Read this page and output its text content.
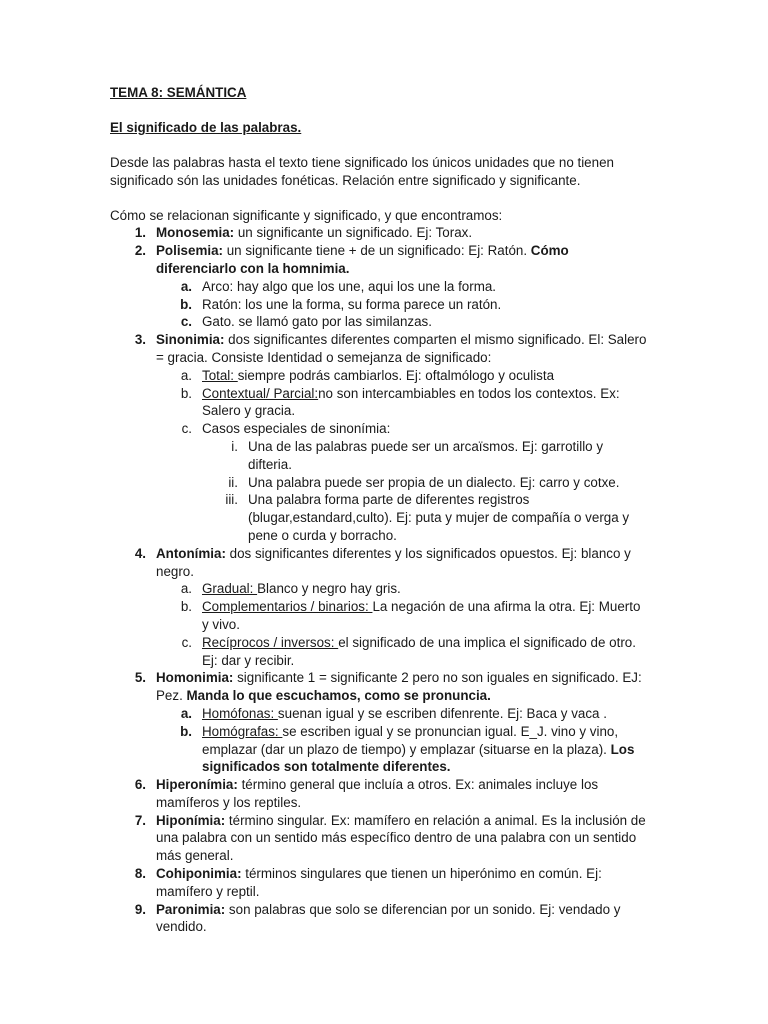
TEMA 8: SEMÁNTICA
El significado de las palabras.

Desde las palabras hasta el texto tiene significado los únicos unidades que no tienen

significado són las unidades fonéticas. Relación entre significado y significante.

Cómo se relacionan significante y significado, y que encontramos:
1. Monosemia: un significante un significado. Ej: Torax.
2. Polisemia: un significante tiene + de un significado: Ej: Ratón. Cómo diferenciarlo con la homnimia.
a. Arco: hay algo que los une, aqui los une la forma.
b. Ratón: los une la forma, su forma parece un ratón.
c. Gato. se llamó gato por las similanzas.
3. Sinonimia: dos significantes diferentes comparten el mismo significado. El: Salero = gracia. Consiste Identidad o semejanza de significado:
a. Total: siempre podrás cambiarlos. Ej: oftalmólogo y oculista
b. Contextual/ Parcial:no son intercambiables en todos los contextos. Ex: Salero y gracia.
c. Casos especiales de sinonímia:
i. Una de las palabras puede ser un arcaïsmos. Ej: garrotillo y difteria.
ii. Una palabra puede ser propia de un dialecto. Ej: carro y cotxe.
iii. Una palabra forma parte de diferentes registros (blugar,estandard,culto). Ej: puta y mujer de compañía o verga y pene o curda y borracho.
4. Antonímia: dos significantes diferentes y los significados opuestos. Ej: blanco y negro.
a. Gradual: Blanco y negro hay gris.
b. Complementarios / binarios: La negación de una afirma la otra. Ej: Muerto y vivo.
c. Recíprocos / inversos: el significado de una implica el significado de otro. Ej: dar y recibir.
5. Homonimia: significante 1 = significante 2 pero no son iguales en significado. EJ: Pez. Manda lo que escuchamos, como se pronuncia.
a. Homófonas: suenan igual y se escriben difenrente. Ej: Baca y vaca .
b. Homógrafas: se escriben igual y se pronuncian igual. E_J. vino y vino, emplazar (dar un plazo de tiempo) y emplazar (situarse en la plaza). Los significados son totalmente diferentes.
6. Hiperonímia: término general que incluía a otros. Ex: animales incluye los mamíferos y los reptiles.
7. Hiponímia: término singular. Ex: mamífero en relación a animal. Es la inclusión de una palabra con un sentido más específico dentro de una palabra con un sentido más general.
8. Cohiponimia: términos singulares que tienen un hiperónimo en común. Ej: mamífero y reptil.
9. Paronimia: son palabras que solo se diferencian por un sonido. Ej: vendado y vendido.
